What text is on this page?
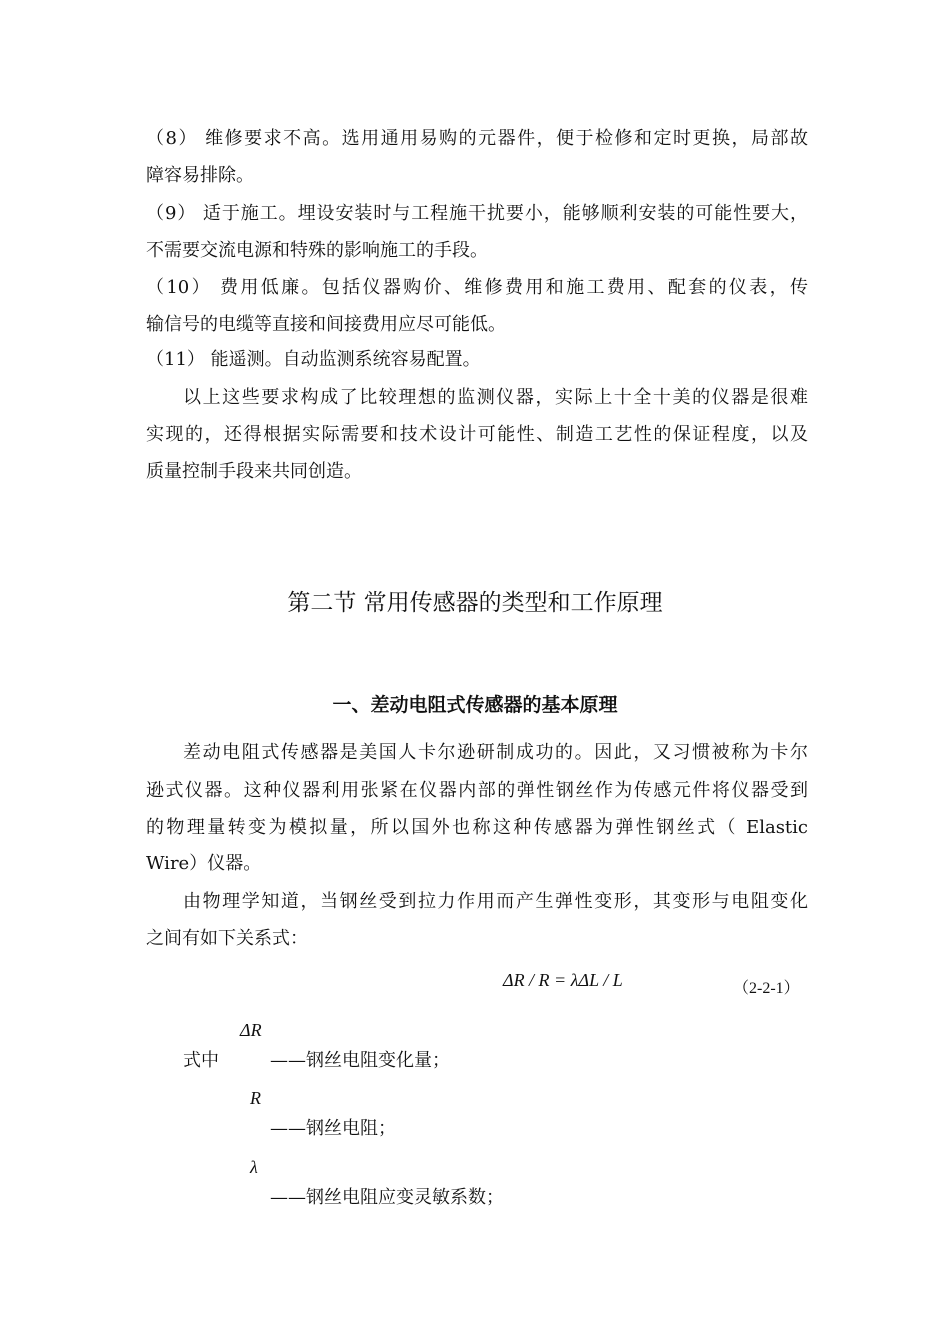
（8） 维修要求不高。选用通用易购的元器件，便于检修和定时更换，局部故
障容易排除。
（9） 适于施工。埋设安装时与工程施干扰要小，能够顺利安装的可能性要大，
不需要交流电源和特殊的影响施工的手段。
（10） 费用低廉。包括仪器购价、维修费用和施工费用、配套的仪表，传
输信号的电缆等直接和间接费用应尽可能低。
（11） 能遥测。自动监测系统容易配置。
以上这些要求构成了比较理想的监测仪器，实际上十全十美的仪器是很难
实现的，还得根据实际需要和技术设计可能性、制造工艺性的保证程度，以及
质量控制手段来共同创造。
第二节 常用传感器的类型和工作原理
一、差动电阻式传感器的基本原理
差动电阻式传感器是美国人卡尔逊研制成功的。因此，又习惯被称为卡尔
逊式仪器。这种仪器利用张紧在仪器内部的弹性钢丝作为传感元件将仪器受到
的物理量转变为模拟量，所以国外也称这种传感器为弹性钢丝式（ Elastic
Wire）仪器。
由物理学知道，当钢丝受到拉力作用而产生弹性变形，其变形与电阻变化
之间有如下关系式：
ΔR / R = λΔL / L	（2-2-1）
ΔR
式中	——钢丝电阻变化量；
R
——钢丝电阻；
λ
——钢丝电阻应变灵敏系数；
